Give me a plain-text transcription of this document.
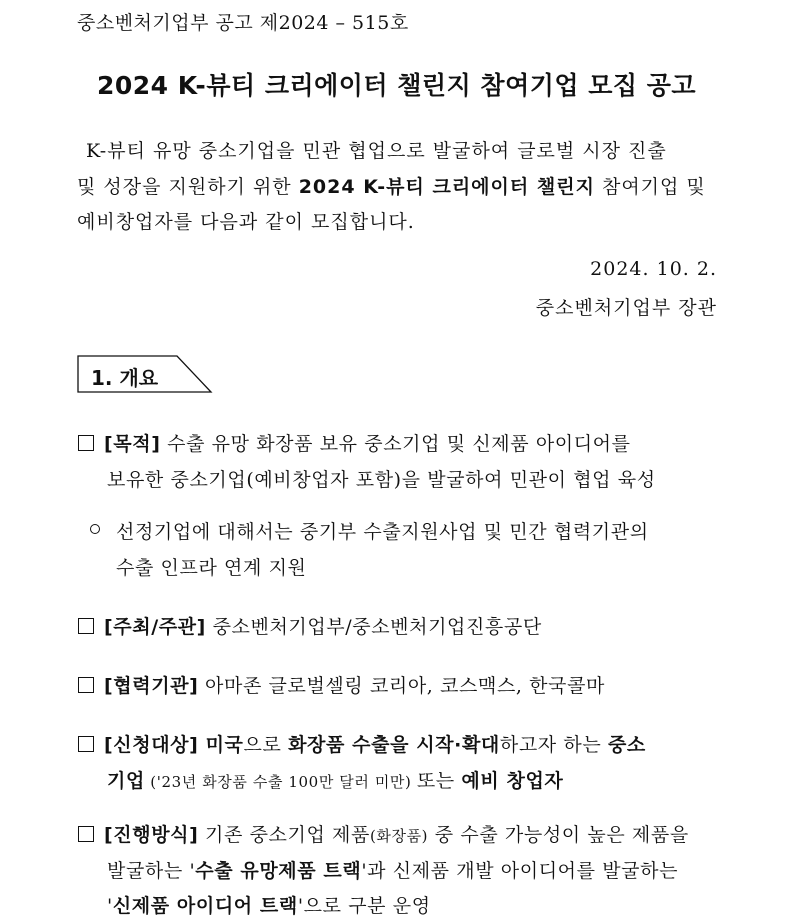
중소벤처기업부 공고 제2024 – 515호
2024 K-뷰티 크리에이터 챌린지 참여기업 모집 공고
K-뷰티 유망 중소기업을 민관 협업으로 발굴하여 글로벌 시장 진출
및 성장을 지원하기 위한 2024 K-뷰티 크리에이터 챌린지 참여기업 및
예비창업자를 다음과 같이 모집합니다.
2024. 10. 2.
중소벤처기업부 장관
1. 개요
[목적] 수출 유망 화장품 보유 중소기업 및 신제품 아이디어를
보유한 중소기업(예비창업자 포함)을 발굴하여 민관이 협업 육성
선정기업에 대해서는 중기부 수출지원사업 및 민간 협력기관의
수출 인프라 연계 지원
[주최/주관] 중소벤처기업부/중소벤처기업진흥공단
[협력기관] 아마존 글로벌셀링 코리아, 코스맥스, 한국콜마
[신청대상] 미국으로 화장품 수출을 시작·확대하고자 하는 중소
기업 ('23년 화장품 수출 100만 달러 미만) 또는 예비 창업자
[진행방식] 기존 중소기업 제품(화장품) 중 수출 가능성이 높은 제품을
발굴하는 '수출 유망제품 트랙'과 신제품 개발 아이디어를 발굴하는
'신제품 아이디어 트랙'으로 구분 운영
